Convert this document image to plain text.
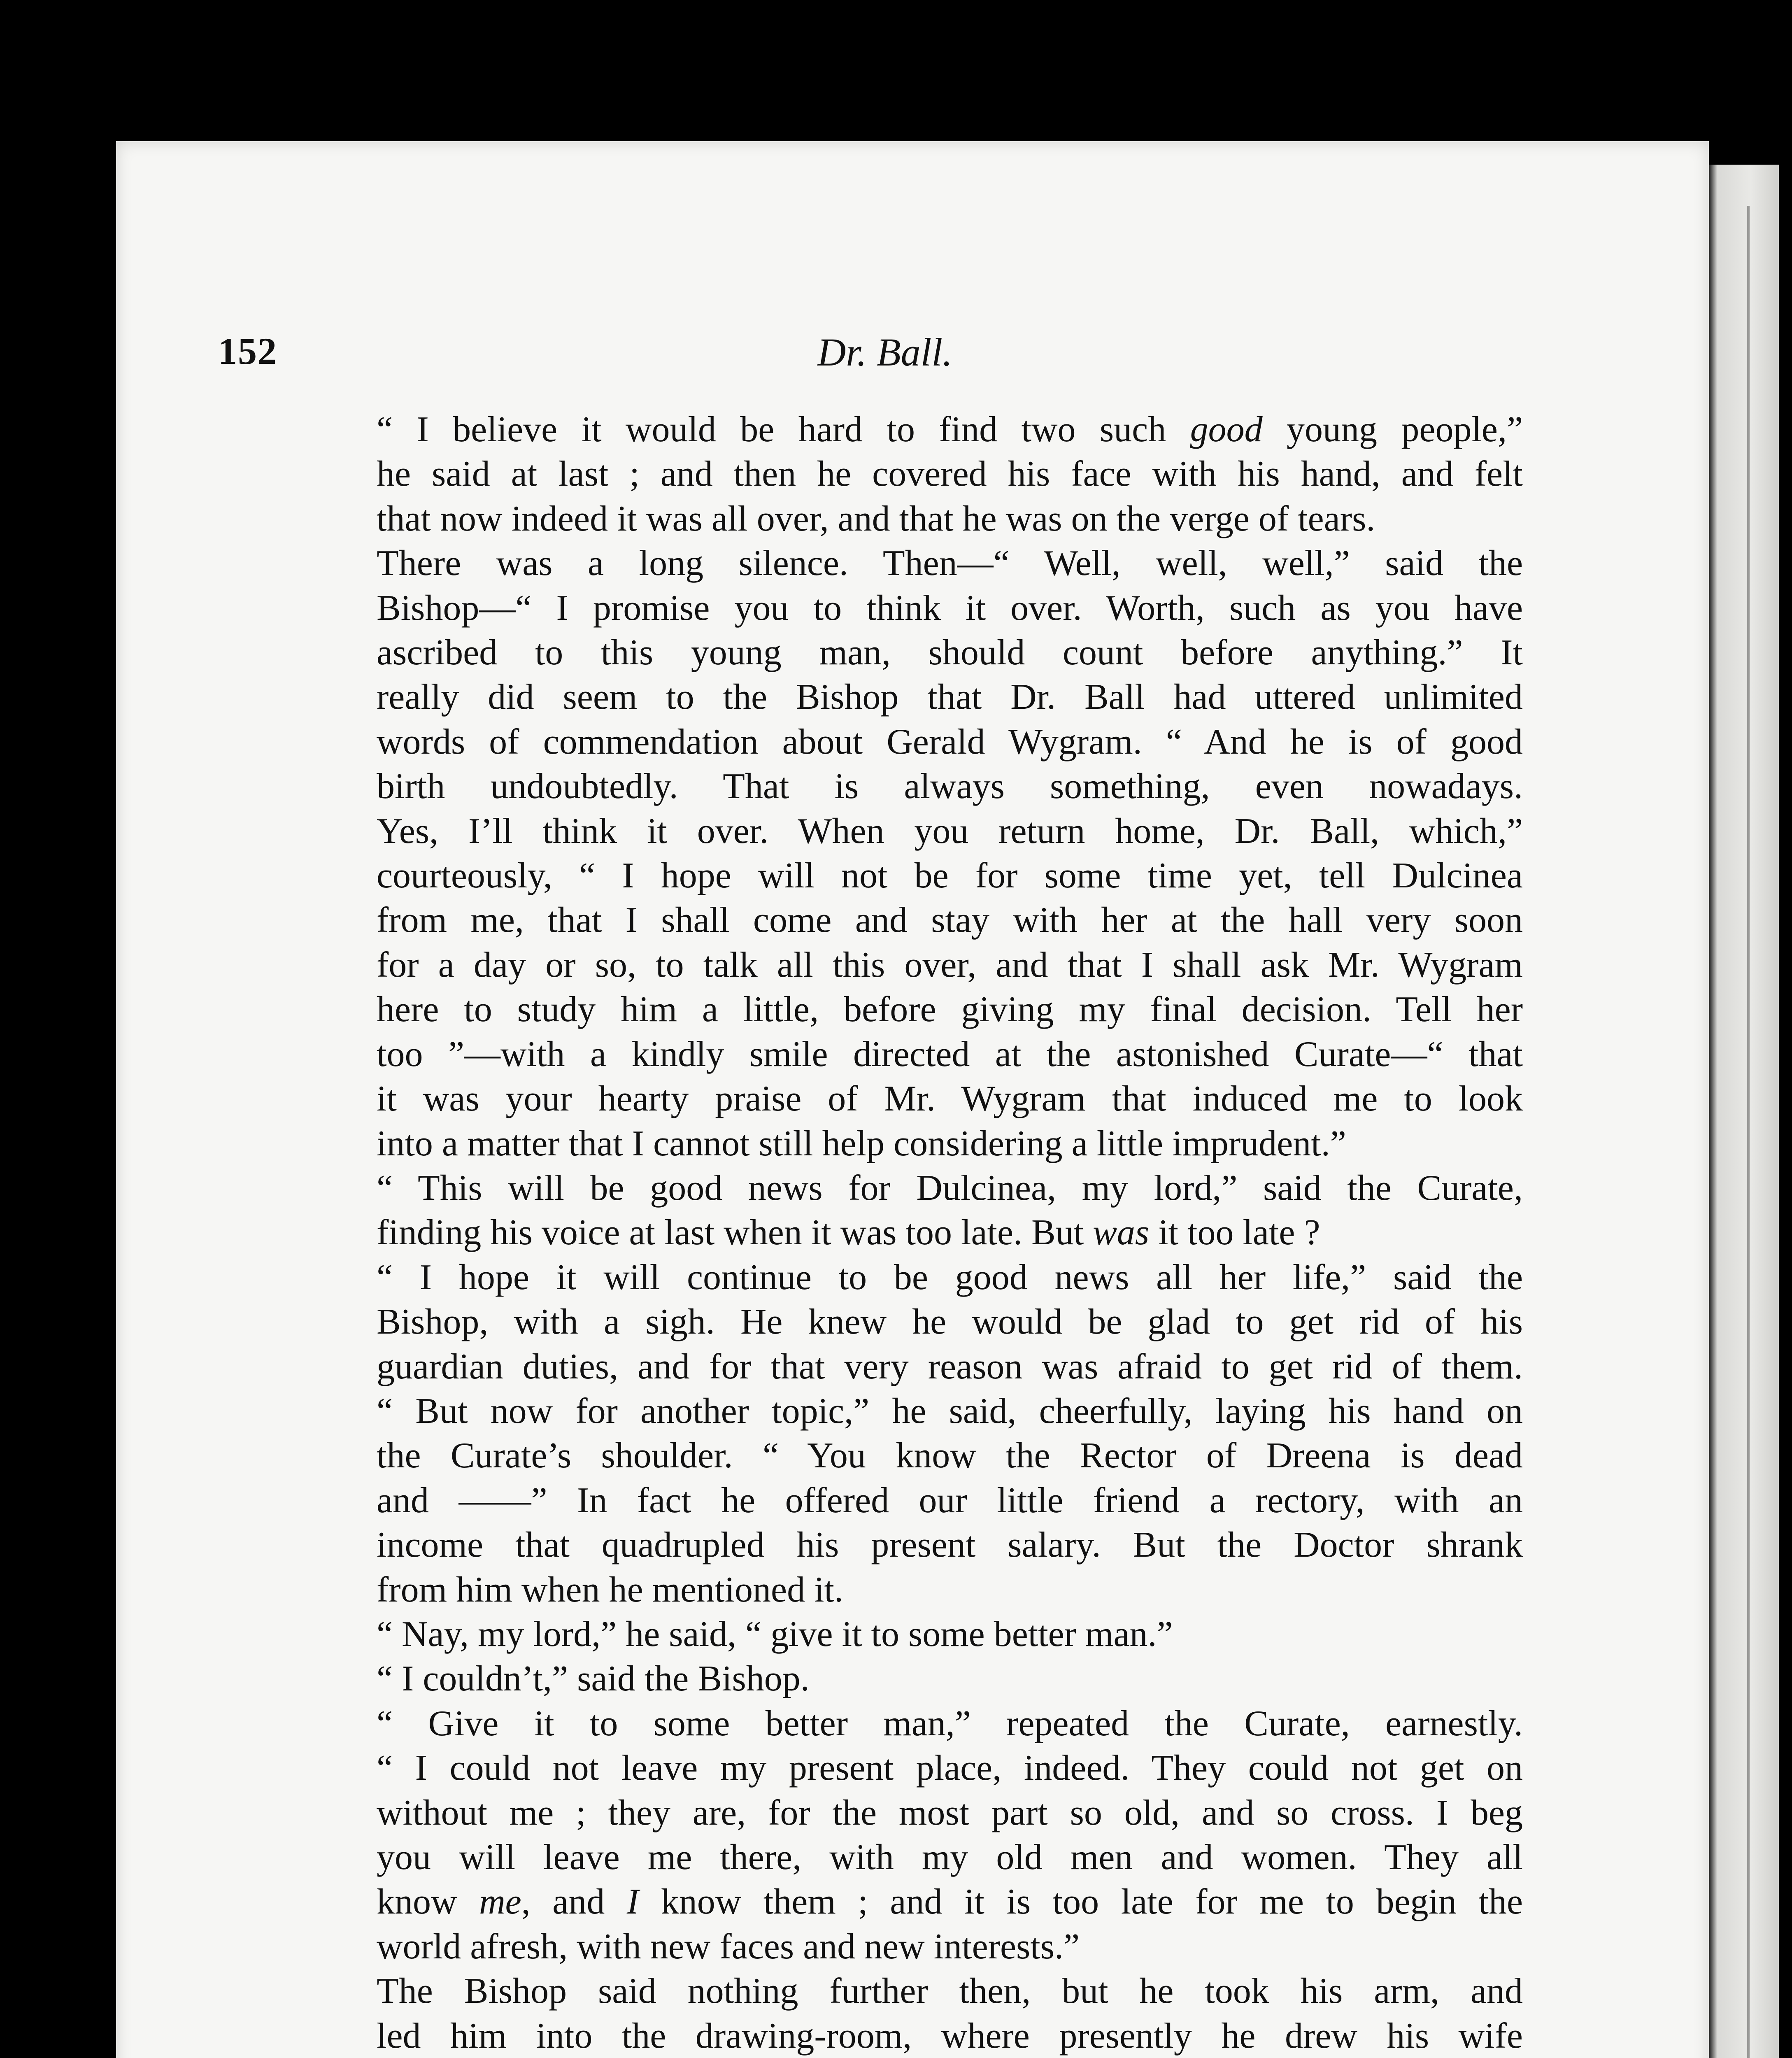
152	Dr. Ball.

“ I believe it would be hard to find two such good young people,”
he said at last ; and then he covered his face with his hand, and felt
that now indeed it was all over, and that he was on the verge of tears.

There was a long silence. Then—“ Well, well, well,” said the
Bishop—“ I promise you to think it over. Worth, such as you have
ascribed to this young man, should count before anything.” It
really did seem to the Bishop that Dr. Ball had uttered unlimited
words of commendation about Gerald Wygram. “ And he is of good
birth undoubtedly. That is always something, even nowadays.
Yes, I’ll think it over. When you return home, Dr. Ball, which,”
courteously, “ I hope will not be for some time yet, tell Dulcinea
from me, that I shall come and stay with her at the hall very soon
for a day or so, to talk all this over, and that I shall ask Mr. Wygram
here to study him a little, before giving my final decision. Tell her
too ”—with a kindly smile directed at the astonished Curate—“ that
it was your hearty praise of Mr. Wygram that induced me to look
into a matter that I cannot still help considering a little imprudent.”

“ This will be good news for Dulcinea, my lord,” said the Curate,
finding his voice at last when it was too late. But was it too late ?

“ I hope it will continue to be good news all her life,” said the
Bishop, with a sigh. He knew he would be glad to get rid of his
guardian duties, and for that very reason was afraid to get rid of them.
“ But now for another topic,” he said, cheerfully, laying his hand on
the Curate’s shoulder. “ You know the Rector of Dreena is dead
and ——” In fact he offered our little friend a rectory, with an
income that quadrupled his present salary. But the Doctor shrank
from him when he mentioned it.

“ Nay, my lord,” he said, “ give it to some better man.”

“ I couldn’t,” said the Bishop.

“ Give it to some better man,” repeated the Curate, earnestly.
“ I could not leave my present place, indeed. They could not get on
without me ; they are, for the most part so old, and so cross. I beg
you will leave me there, with my old men and women. They all
know me, and I know them ; and it is too late for me to begin the
world afresh, with new faces and new interests.”

The Bishop said nothing further then, but he took his arm, and
led him into the drawing-room, where presently he drew his wife
